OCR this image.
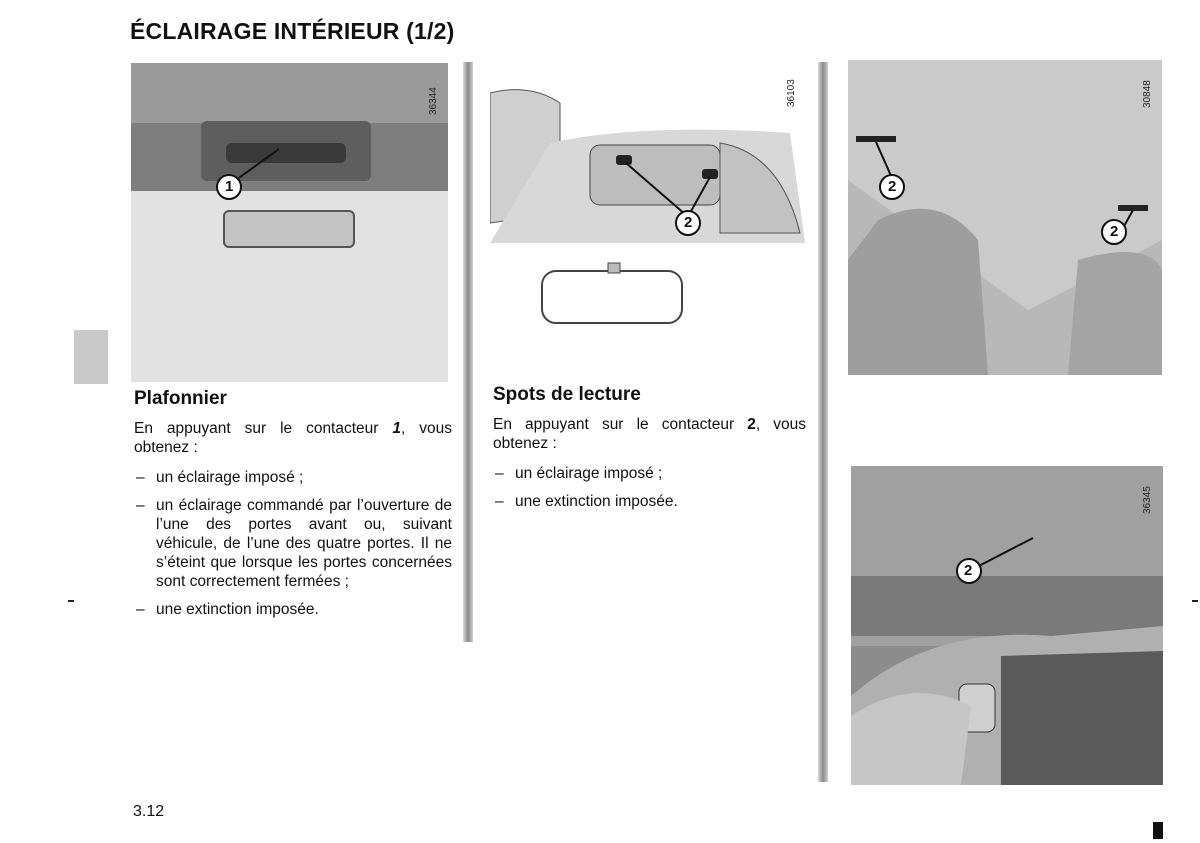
ÉCLAIRAGE INTÉRIEUR (1/2)
1
36344
2
36103
2
2
30848
2
36345
Plafonnier
En appuyant sur le contacteur 1, vous obtenez :
– un éclairage imposé ;
– un éclairage commandé par l’ouverture de l’une des portes avant ou, suivant véhicule, de l’une des quatre portes. Il ne s’éteint que lorsque les portes concernées sont correctement fermées ;
– une extinction imposée.
Spots de lecture
En appuyant sur le contacteur 2, vous obtenez :
– un éclairage imposé ;
– une extinction imposée.
3.12
